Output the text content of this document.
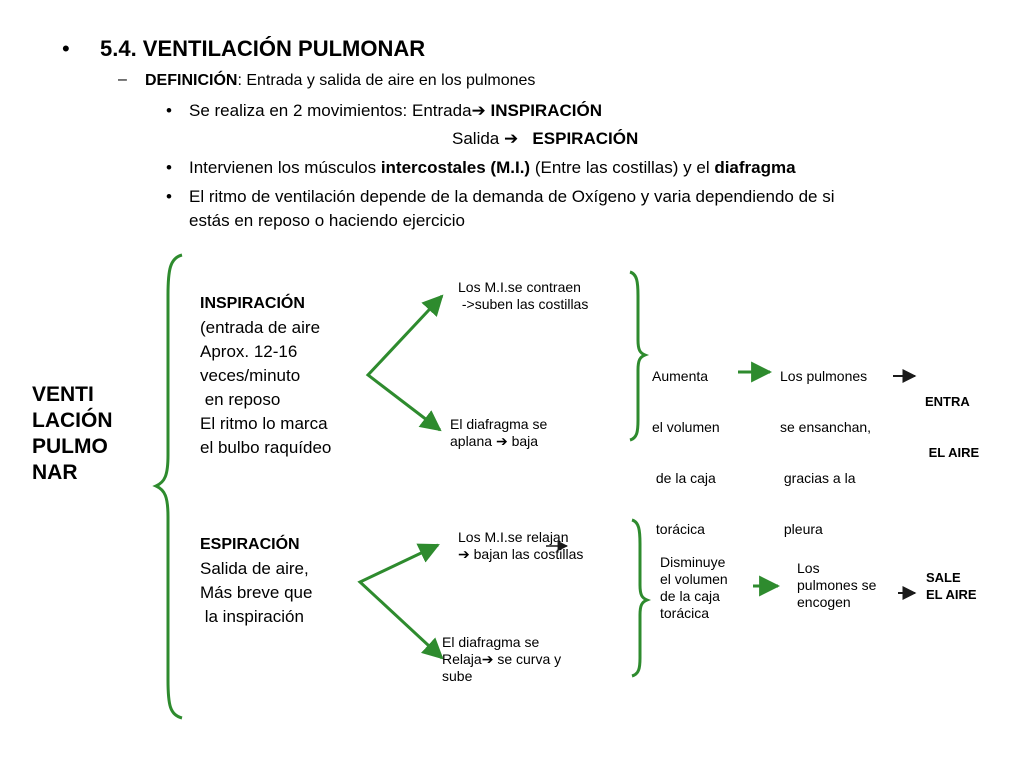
• 5.4. VENTILACIÓN PULMONAR
– DEFINICIÓN: Entrada y salida de aire en los pulmones

• Se realiza en 2 movimientos: Entrada➔ INSPIRACIÓN

Salida ➔ ESPIRACIÓN

• Intervienen los músculos intercostales (M.I.) (Entre las costillas) y el diafragma

• El ritmo de ventilación depende de la demanda de Oxígeno y varia dependiendo de si

estás en reposo o haciendo ejercicio

VENTI
LACIÓN
PULMO
NAR
INSPIRACIÓN
(entrada de aire
Aprox. 12-16
veces/minuto
en reposo
El ritmo lo marca
el bulbo raquídeo
Los M.I.se contraen
->suben las costillas
El diafragma se
aplana ➔ baja

Aumenta

el volumen

de la caja

torácica

Los pulmones

se ensanchan,

gracias a la

pleura

ENTRA

EL AIRE

ESPIRACIÓN
Salida de aire,
Más breve que
la inspiración
Los M.I.se relajan
➔ bajan las costillas
El diafragma se
Relaja➔ se curva y
sube
Disminuye
el volumen
de la caja
torácica
Los
pulmones se
encogen
SALE
EL AIRE
